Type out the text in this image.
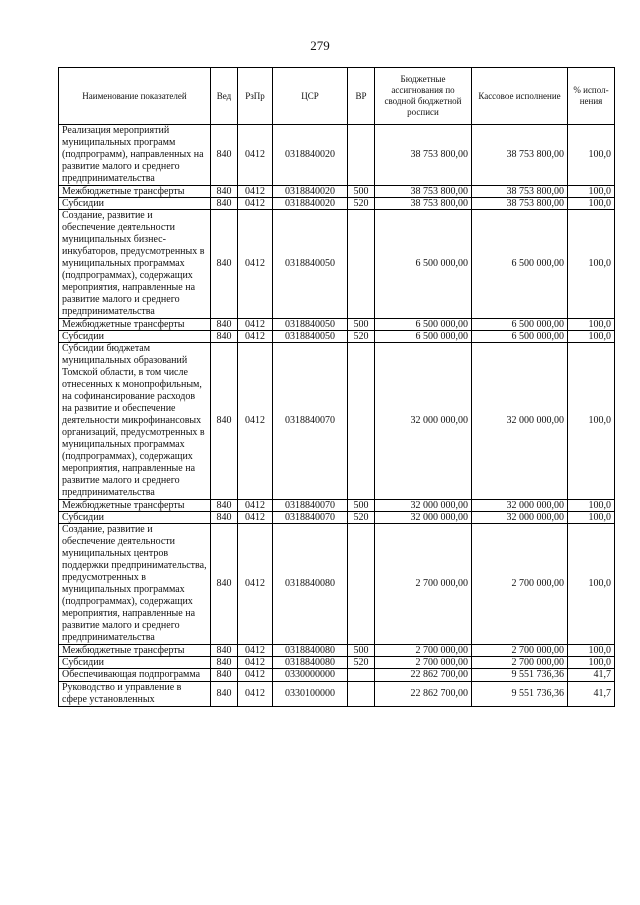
279
Наименование показателей	Вед	РзПр	ЦСР	ВР	Бюджетные ассигнования по сводной бюджетной росписи	Кассовое исполнение	% испол-нения
Реализация мероприятий муниципальных программ (подпрограмм), направленных на развитие малого и среднего предпринимательства	840	0412	0318840020		38 753 800,00	38 753 800,00	100,0
Межбюджетные трансферты	840	0412	0318840020	500	38 753 800,00	38 753 800,00	100,0
Субсидии	840	0412	0318840020	520	38 753 800,00	38 753 800,00	100,0
Создание, развитие и обеспечение деятельности муниципальных бизнес-инкубаторов, предусмотренных в муниципальных программах (подпрограммах), содержащих мероприятия, направленные на развитие малого и среднего предпринимательства	840	0412	0318840050		6 500 000,00	6 500 000,00	100,0
Межбюджетные трансферты	840	0412	0318840050	500	6 500 000,00	6 500 000,00	100,0
Субсидии	840	0412	0318840050	520	6 500 000,00	6 500 000,00	100,0
Субсидии бюджетам муниципальных образований Томской области, в том числе отнесенных к монопрофильным, на софинансирование расходов на развитие и обеспечение деятельности микрофинансовых организаций, предусмотренных в муниципальных программах (подпрограммах), содержащих мероприятия, направленные на развитие малого и среднего предпринимательства	840	0412	0318840070		32 000 000,00	32 000 000,00	100,0
Межбюджетные трансферты	840	0412	0318840070	500	32 000 000,00	32 000 000,00	100,0
Субсидии	840	0412	0318840070	520	32 000 000,00	32 000 000,00	100,0
Создание, развитие и обеспечение деятельности муниципальных центров поддержки предпринимательства, предусмотренных в муниципальных программах (подпрограммах), содержащих мероприятия, направленные на развитие малого и среднего предпринимательства	840	0412	0318840080		2 700 000,00	2 700 000,00	100,0
Межбюджетные трансферты	840	0412	0318840080	500	2 700 000,00	2 700 000,00	100,0
Субсидии	840	0412	0318840080	520	2 700 000,00	2 700 000,00	100,0
Обеспечивающая подпрограмма	840	0412	0330000000		22 862 700,00	9 551 736,36	41,7
Руководство и управление в сфере установленных	840	0412	0330100000		22 862 700,00	9 551 736,36	41,7
